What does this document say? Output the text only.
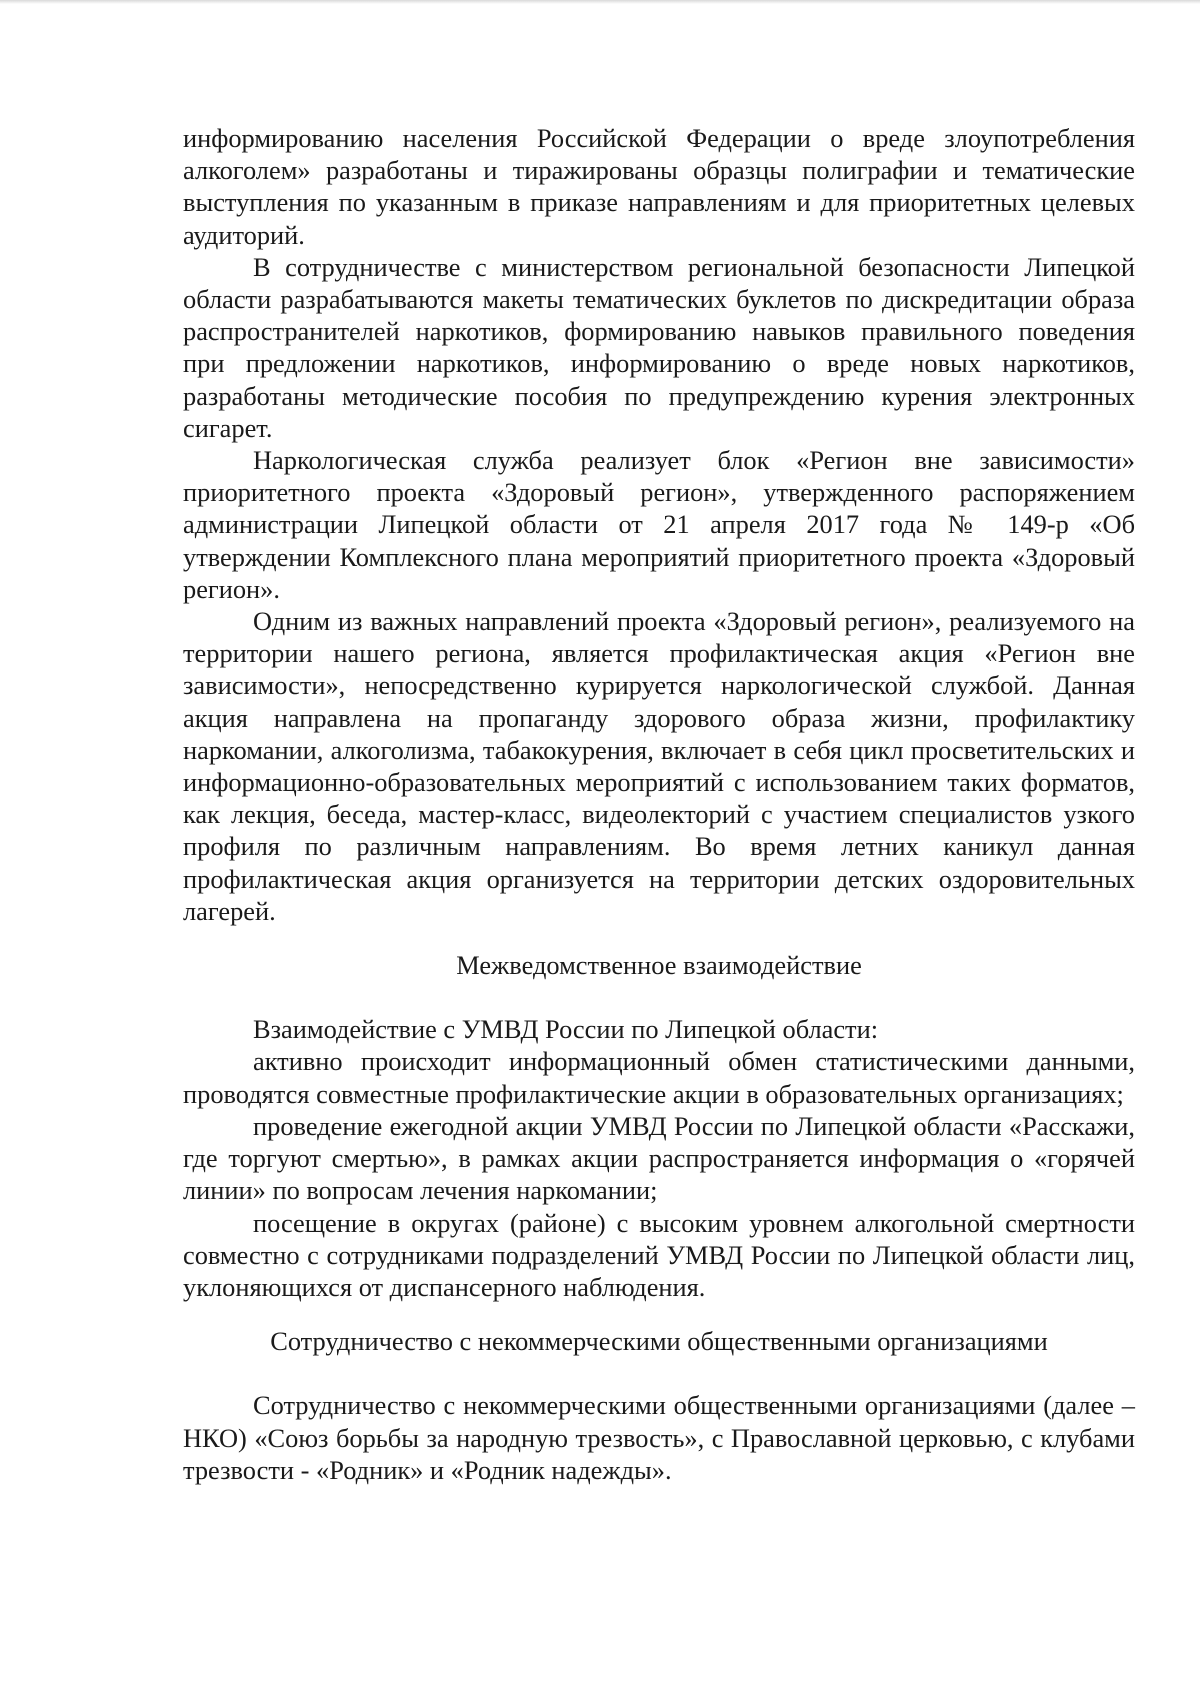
информированию населения Российской Федерации о вреде злоупотребления алкоголем» разработаны и тиражированы образцы полиграфии и тематические выступления по указанным в приказе направлениям и для приоритетных целевых аудиторий.

В сотрудничестве с министерством региональной безопасности Липецкой области разрабатываются макеты тематических буклетов по дискредитации образа распространителей наркотиков, формированию навыков правильного поведения при предложении наркотиков, информированию о вреде новых наркотиков, разработаны методические пособия по предупреждению курения электронных сигарет.

Наркологическая служба реализует блок «Регион вне зависимости» приоритетного проекта «Здоровый регион», утвержденного распоряжением администрации Липецкой области от 21 апреля 2017 года № 149-р «Об утверждении Комплексного плана мероприятий приоритетного проекта «Здоровый регион».

Одним из важных направлений проекта «Здоровый регион», реализуемого на территории нашего региона, является профилактическая акция «Регион вне зависимости», непосредственно курируется наркологической службой. Данная акция направлена на пропаганду здорового образа жизни, профилактику наркомании, алкоголизма, табакокурения, включает в себя цикл просветительских и информационно-образовательных мероприятий с использованием таких форматов, как лекция, беседа, мастер-класс, видеолекторий с участием специалистов узкого профиля по различным направлениям. Во время летних каникул данная профилактическая акция организуется на территории детских оздоровительных лагерей.

Межведомственное взаимодействие

Взаимодействие с УМВД России по Липецкой области:

активно происходит информационный обмен статистическими данными, проводятся совместные профилактические акции в образовательных организациях;

проведение ежегодной акции УМВД России по Липецкой области «Расскажи, где торгуют смертью», в рамках акции распространяется информация о «горячей линии» по вопросам лечения наркомании;

посещение в округах (районе) с высоким уровнем алкогольной смертности совместно с сотрудниками подразделений УМВД России по Липецкой области лиц, уклоняющихся от диспансерного наблюдения.

Сотрудничество с некоммерческими общественными организациями

Сотрудничество с некоммерческими общественными организациями (далее – НКО) «Союз борьбы за народную трезвость», с Православной церковью, с клубами трезвости - «Родник» и «Родник надежды».
